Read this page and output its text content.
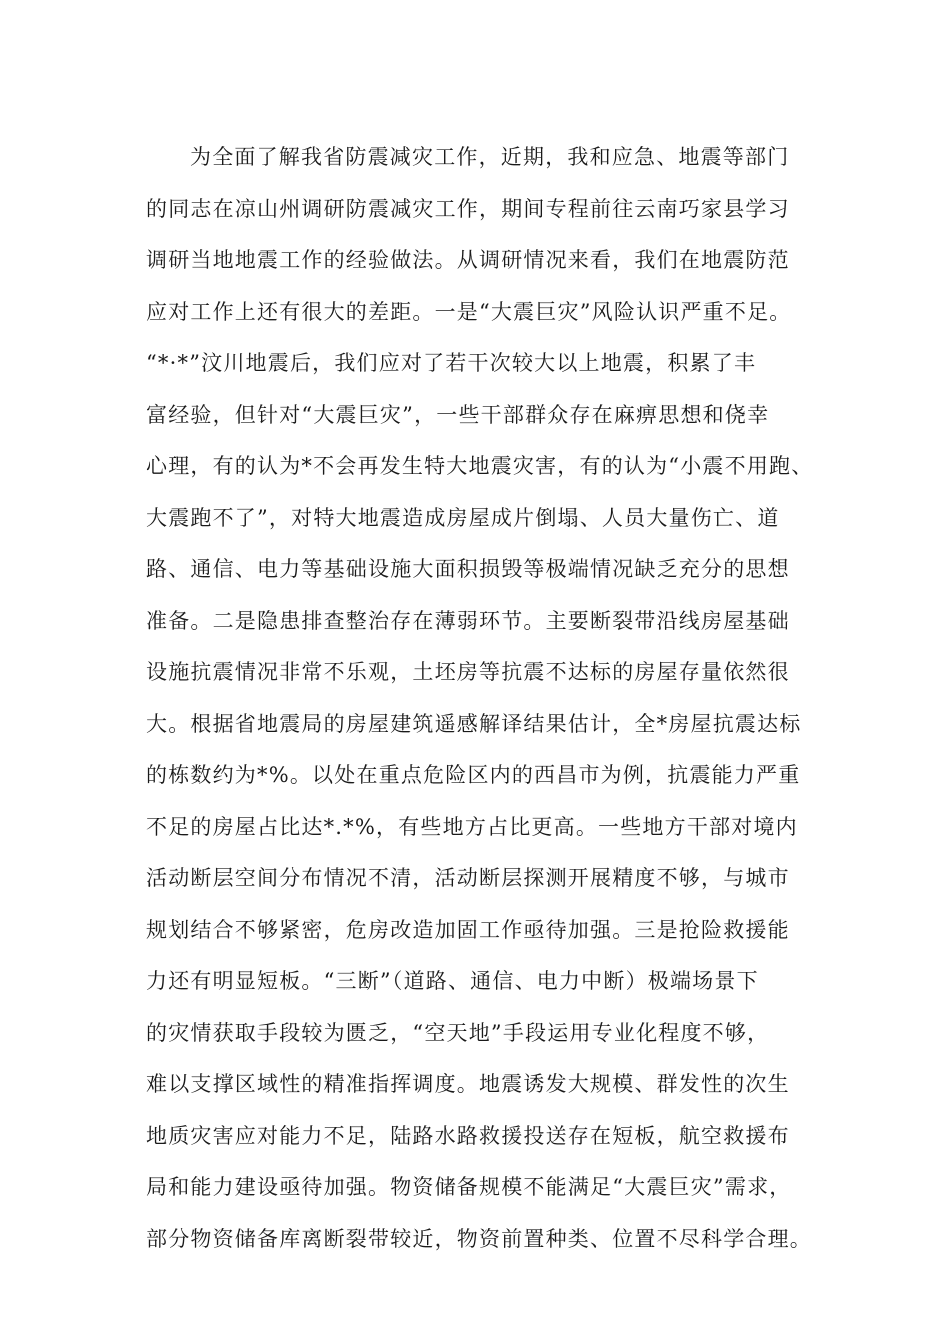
为全面了解我省防震减灾工作，近期，我和应急、地震等部门
的同志在凉山州调研防震减灾工作，期间专程前往云南巧家县学习
调研当地地震工作的经验做法。从调研情况来看，我们在地震防范
应对工作上还有很大的差距。一是“大震巨灾”风险认识严重不足。
“*·*”汶川地震后，我们应对了若干次较大以上地震，积累了丰
富经验，但针对“大震巨灾”，一些干部群众存在麻痹思想和侥幸
心理，有的认为*不会再发生特大地震灾害，有的认为“小震不用跑、
大震跑不了”，对特大地震造成房屋成片倒塌、人员大量伤亡、道
路、通信、电力等基础设施大面积损毁等极端情况缺乏充分的思想
准备。二是隐患排查整治存在薄弱环节。主要断裂带沿线房屋基础
设施抗震情况非常不乐观，土坯房等抗震不达标的房屋存量依然很
大。根据省地震局的房屋建筑遥感解译结果估计，全*房屋抗震达标
的栋数约为*%。以处在重点危险区内的西昌市为例，抗震能力严重
不足的房屋占比达*.*%，有些地方占比更高。一些地方干部对境内
活动断层空间分布情况不清，活动断层探测开展精度不够，与城市
规划结合不够紧密，危房改造加固工作亟待加强。三是抢险救援能
力还有明显短板。“三断”（道路、通信、电力中断）极端场景下
的灾情获取手段较为匮乏，“空天地”手段运用专业化程度不够，
难以支撑区域性的精准指挥调度。地震诱发大规模、群发性的次生
地质灾害应对能力不足，陆路水路救援投送存在短板，航空救援布
局和能力建设亟待加强。物资储备规模不能满足“大震巨灾”需求，
部分物资储备库离断裂带较近，物资前置种类、位置不尽科学合理。
